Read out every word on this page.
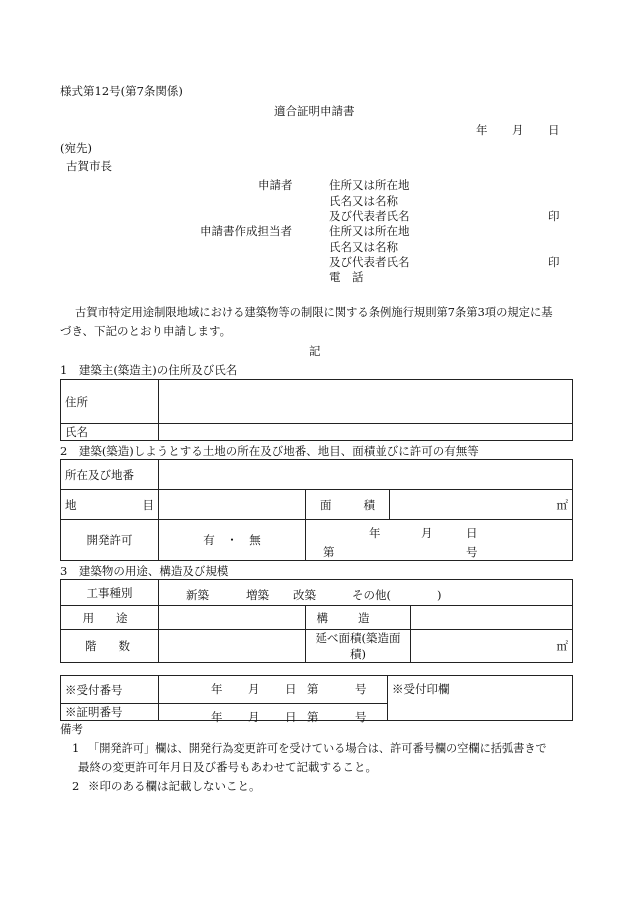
様式第12号(第7条関係)
適合証明申請書
年 月 日
(宛先)
古賀市長
申請者	住所又は所在地
氏名又は名称
及び代表者氏名	印
申請書作成担当者	住所又は所在地
氏名又は名称
及び代表者氏名	印
電　話
古賀市特定用途制限地域における建築物等の制限に関する条例施行規則第7条第3項の規定に基
づき、下記のとおり申請します。
記
1　建築主(築造主)の住所及び氏名
住所	

氏名	

2　建築(築造)しようとする土地の所在及び地番、地目、面積並びに許可の有無等
所在及び地番			
地目		面積	㎡
開発許可	有　・　無	年 月 日
第 号	
3　建築物の用途、構造及び規模
工事種別	新築 増築 改築 その他(　　　　)		

用途		構造	
階数		延べ面積(築造面積)	㎡
※受付番号	年 月 日 第 号	※受付印欄
※証明番号	年 月 日 第 号	
備考
1 「開発許可」欄は、開発行為変更許可を受けている場合は、許可番号欄の空欄に括弧書きで
最終の変更許可年月日及び番号もあわせて記載すること。
2 ※印のある欄は記載しないこと。
